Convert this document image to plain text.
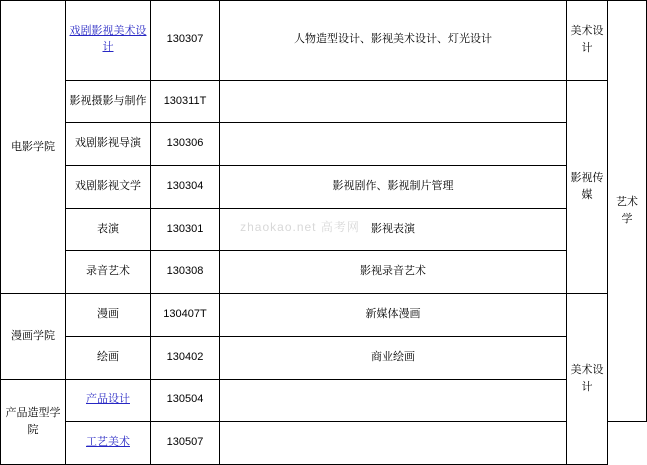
电影学院	戏剧影视美术设计	130307	人物造型设计、影视美术设计、灯光设计	美术设计	艺术学
	影视摄影与制作	130311T		影视传媒	
	戏剧影视导演	130306			
	戏剧影视文学	130304	影视剧作、影视制片管理		
	表演	130301	影视表演		
	录音艺术	130308	影视录音艺术		
漫画学院	漫画	130407T	新媒体漫画	美术设计	
	绘画	130402	商业绘画		
产品造型学院	产品设计	130504			
	工艺美术	130507			
zhaokao.net 高考网
